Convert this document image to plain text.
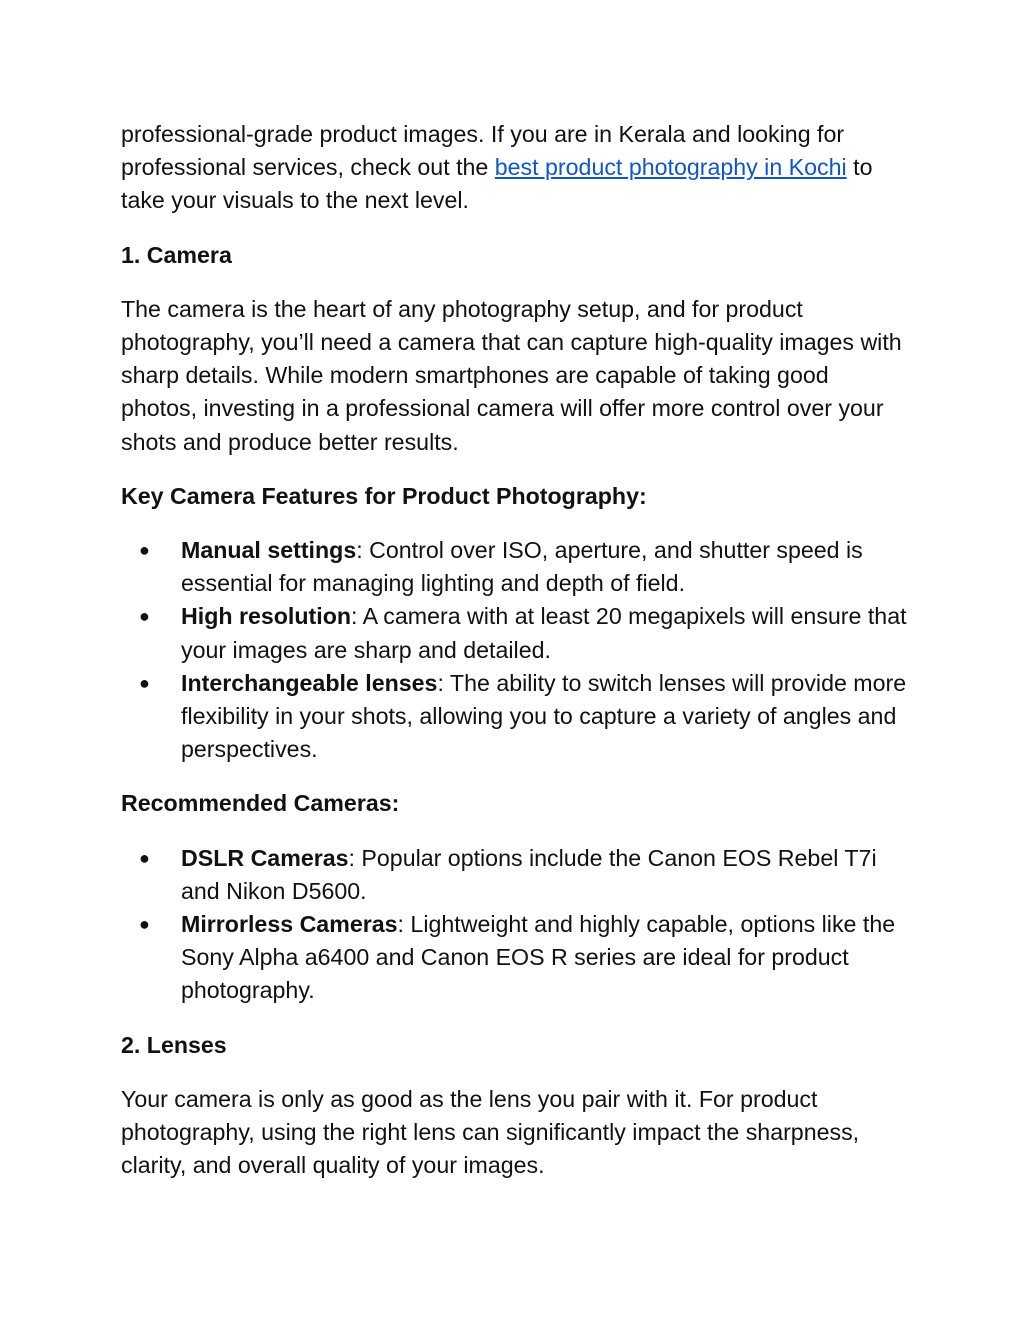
professional-grade product images. If you are in Kerala and looking for professional services, check out the best product photography in Kochi to take your visuals to the next level.

1. Camera

The camera is the heart of any photography setup, and for product photography, you’ll need a camera that can capture high-quality images with sharp details. While modern smartphones are capable of taking good photos, investing in a professional camera will offer more control over your shots and produce better results.

Key Camera Features for Product Photography:

● Manual settings: Control over ISO, aperture, and shutter speed is essential for managing lighting and depth of field.
● High resolution: A camera with at least 20 megapixels will ensure that your images are sharp and detailed.
● Interchangeable lenses: The ability to switch lenses will provide more flexibility in your shots, allowing you to capture a variety of angles and perspectives.

Recommended Cameras:

● DSLR Cameras: Popular options include the Canon EOS Rebel T7i and Nikon D5600.
● Mirrorless Cameras: Lightweight and highly capable, options like the Sony Alpha a6400 and Canon EOS R series are ideal for product photography.

2. Lenses

Your camera is only as good as the lens you pair with it. For product photography, using the right lens can significantly impact the sharpness, clarity, and overall quality of your images.
